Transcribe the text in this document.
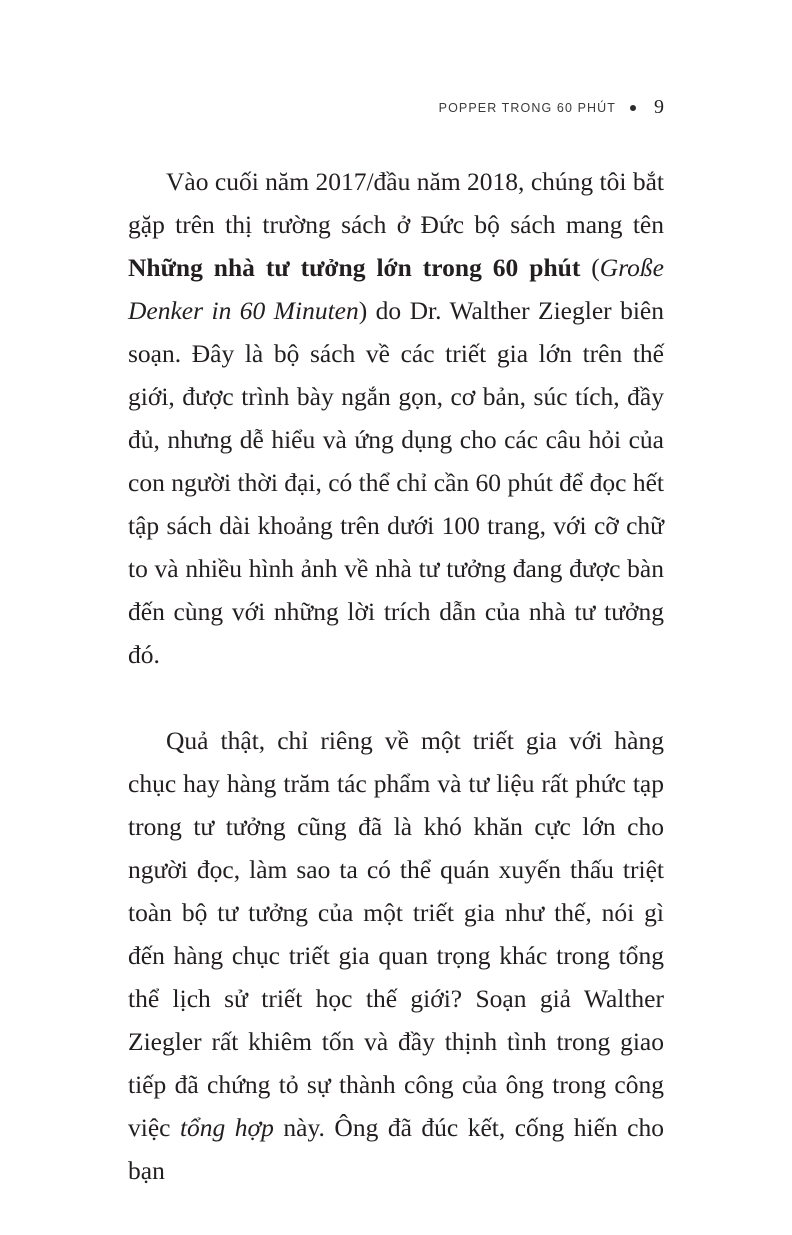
POPPER TRONG 60 PHÚT 9

Vào cuối năm 2017/đầu năm 2018, chúng tôi bắt gặp trên thị trường sách ở Đức bộ sách mang tên Những nhà tư tưởng lớn trong 60 phút (Große Denker in 60 Minuten) do Dr. Walther Ziegler biên soạn. Đây là bộ sách về các triết gia lớn trên thế giới, được trình bày ngắn gọn, cơ bản, súc tích, đầy đủ, nhưng dễ hiểu và ứng dụng cho các câu hỏi của con người thời đại, có thể chỉ cần 60 phút để đọc hết tập sách dài khoảng trên dưới 100 trang, với cỡ chữ to và nhiều hình ảnh về nhà tư tưởng đang được bàn đến cùng với những lời trích dẫn của nhà tư tưởng đó.

Quả thật, chỉ riêng về một triết gia với hàng chục hay hàng trăm tác phẩm và tư liệu rất phức tạp trong tư tưởng cũng đã là khó khăn cực lớn cho người đọc, làm sao ta có thể quán xuyến thấu triệt toàn bộ tư tưởng của một triết gia như thế, nói gì đến hàng chục triết gia quan trọng khác trong tổng thể lịch sử triết học thế giới? Soạn giả Walther Ziegler rất khiêm tốn và đầy thịnh tình trong giao tiếp đã chứng tỏ sự thành công của ông trong công việc tổng hợp này. Ông đã đúc kết, cống hiến cho bạn
